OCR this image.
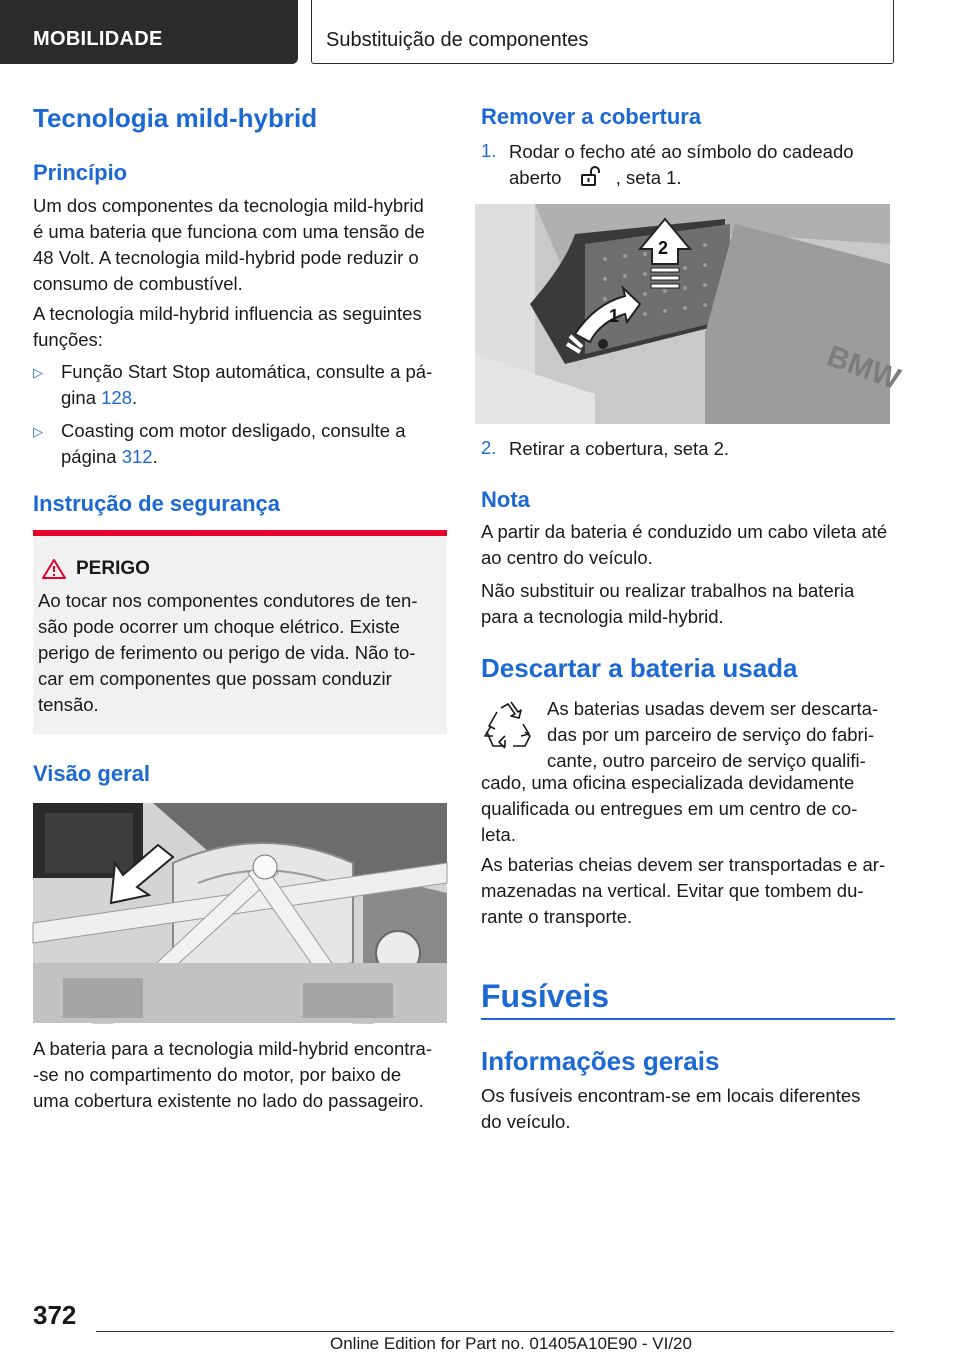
MOBILIDADE	Substituição de componentes
Tecnologia mild-hybrid
Princípio
Um dos componentes da tecnologia mild-hybrid
é uma bateria que funciona com uma tensão de
48 Volt. A tecnologia mild-hybrid pode reduzir o
consumo de combustível.
A tecnologia mild-hybrid influencia as seguintes
funções:
▷ Função Start Stop automática, consulte a pá-
gina 128.
▷ Coasting com motor desligado, consulte a
página 312.
Instrução de segurança
PERIGO
Ao tocar nos componentes condutores de ten-
são pode ocorrer um choque elétrico. Existe
perigo de ferimento ou perigo de vida. Não to-
car em componentes que possam conduzir
tensão.
Visão geral
A bateria para a tecnologia mild-hybrid encontra-
-se no compartimento do motor, por baixo de
uma cobertura existente no lado do passageiro.
Remover a cobertura
1. Rodar o fecho até ao símbolo do cadeado
aberto	, seta 1.
BMW
2
1
2. Retirar a cobertura, seta 2.
Nota
A partir da bateria é conduzido um cabo vileta até
ao centro do veículo.
Não substituir ou realizar trabalhos na bateria
para a tecnologia mild-hybrid.
Descartar a bateria usada
As baterias usadas devem ser descarta-
das por um parceiro de serviço do fabri-
cante, outro parceiro de serviço qualifi-
cado, uma oficina especializada devidamente
qualificada ou entregues em um centro de co-
leta.
As baterias cheias devem ser transportadas e ar-
mazenadas na vertical. Evitar que tombem du-
rante o transporte.
Fusíveis
Informações gerais
Os fusíveis encontram-se em locais diferentes
do veículo.
372
Online Edition for Part no. 01405A10E90 - VI/20
